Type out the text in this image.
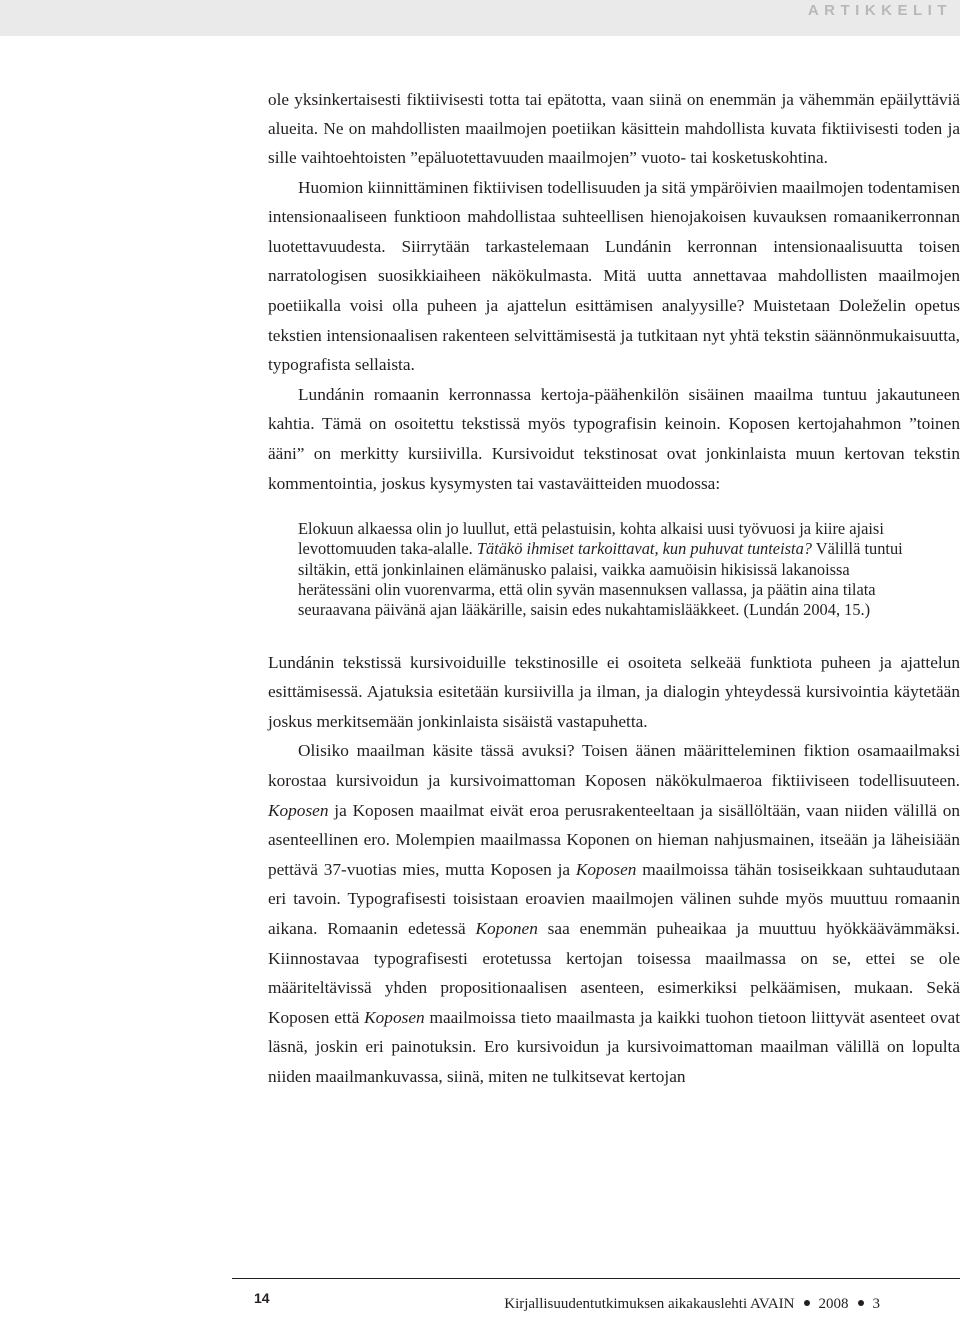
ARTIKKELIT

ole yksinkertaisesti fiktiivisesti totta tai epätotta, vaan siinä on enemmän ja vähemmän epäilyttäviä alueita. Ne on mahdollisten maailmojen poetiikan käsittein mahdollista kuvata fiktiivisesti toden ja sille vaihtoehtoisten ”epäluotettavuuden maailmojen” vuoto- tai kosketuskohtina.

Huomion kiinnittäminen fiktiivisen todellisuuden ja sitä ympäröivien maailmojen todentamisen intensionaaliseen funktioon mahdollistaa suhteellisen hienojakoisen kuvauksen romaanikerronnan luotettavuudesta. Siirrytään tarkastelemaan Lundánin kerronnan intensionaalisuutta toisen narratologisen suosikkiaiheen näkökulmasta. Mitä uutta annettavaa mahdollisten maailmojen poetiikalla voisi olla puheen ja ajattelun esittämisen analyysille? Muistetaan Doleželin opetus tekstien intensionaalisen rakenteen selvittämisestä ja tutkitaan nyt yhtä tekstin säännönmukaisuutta, typografista sellaista.

Lundánin romaanin kerronnassa kertoja-päähenkilön sisäinen maailma tuntuu jakautuneen kahtia. Tämä on osoitettu tekstissä myös typografisin keinoin. Koposen kertojahahmon ”toinen ääni” on merkitty kursiivilla. Kursivoidut tekstinosat ovat jonkinlaista muun kertovan tekstin kommentointia, joskus kysymysten tai vastaväitteiden muodossa:

Elokuun alkaessa olin jo luullut, että pelastuisin, kohta alkaisi uusi työvuosi ja kiire ajaisi levottomuuden taka-alalle. Tätäkö ihmiset tarkoittavat, kun puhuvat tunteista? Välillä tuntui siltäkin, että jonkinlainen elämänusko palaisi, vaikka aamuöisin hikisissä lakanoissa herätessäni olin vuorenvarma, että olin syvän masennuksen vallassa, ja päätin aina tilata seuraavana päivänä ajan lääkärille, saisin edes nukahtamislääkkeet. (Lundán 2004, 15.)

Lundánin tekstissä kursivoiduille tekstinosille ei osoiteta selkeää funktiota puheen ja ajattelun esittämisessä. Ajatuksia esitetään kursiivilla ja ilman, ja dialogin yhteydessä kursivointia käytetään joskus merkitsemään jonkinlaista sisäistä vastapuhetta.

Olisiko maailman käsite tässä avuksi? Toisen äänen määritteleminen fiktion osamaailmaksi korostaa kursivoidun ja kursivoimattoman Koposen näkökulmaeroa fiktiiviseen todellisuuteen. Koposen ja Koposen maailmat eivät eroa perusrakenteeltaan ja sisällöltään, vaan niiden välillä on asenteellinen ero. Molempien maailmassa Koponen on hieman nahjusmainen, itseään ja läheisiään pettävä 37-vuotias mies, mutta Koposen ja Koposen maailmoissa tähän tosiseikkaan suhtaudutaan eri tavoin. Typografisesti toisistaan eroavien maailmojen välinen suhde myös muuttuu romaanin aikana. Romaanin edetessä Koponen saa enemmän puheaikaa ja muuttuu hyökkäävämmäksi. Kiinnostavaa typografisesti erotetussa kertojan toisessa maailmassa on se, ettei se ole määriteltävissä yhden propositionaalisen asenteen, esimerkiksi pelkäämisen, mukaan. Sekä Koposen että Koposen maailmoissa tieto maailmasta ja kaikki tuohon tietoon liittyvät asenteet ovat läsnä, joskin eri painotuksin. Ero kursivoidun ja kursivoimattoman maailman välillä on lopulta niiden maailmankuvassa, siinä, miten ne tulkitsevat kertojan

14	Kirjallisuudentutkimuksen aikakauslehti AVAIN 2008 3
